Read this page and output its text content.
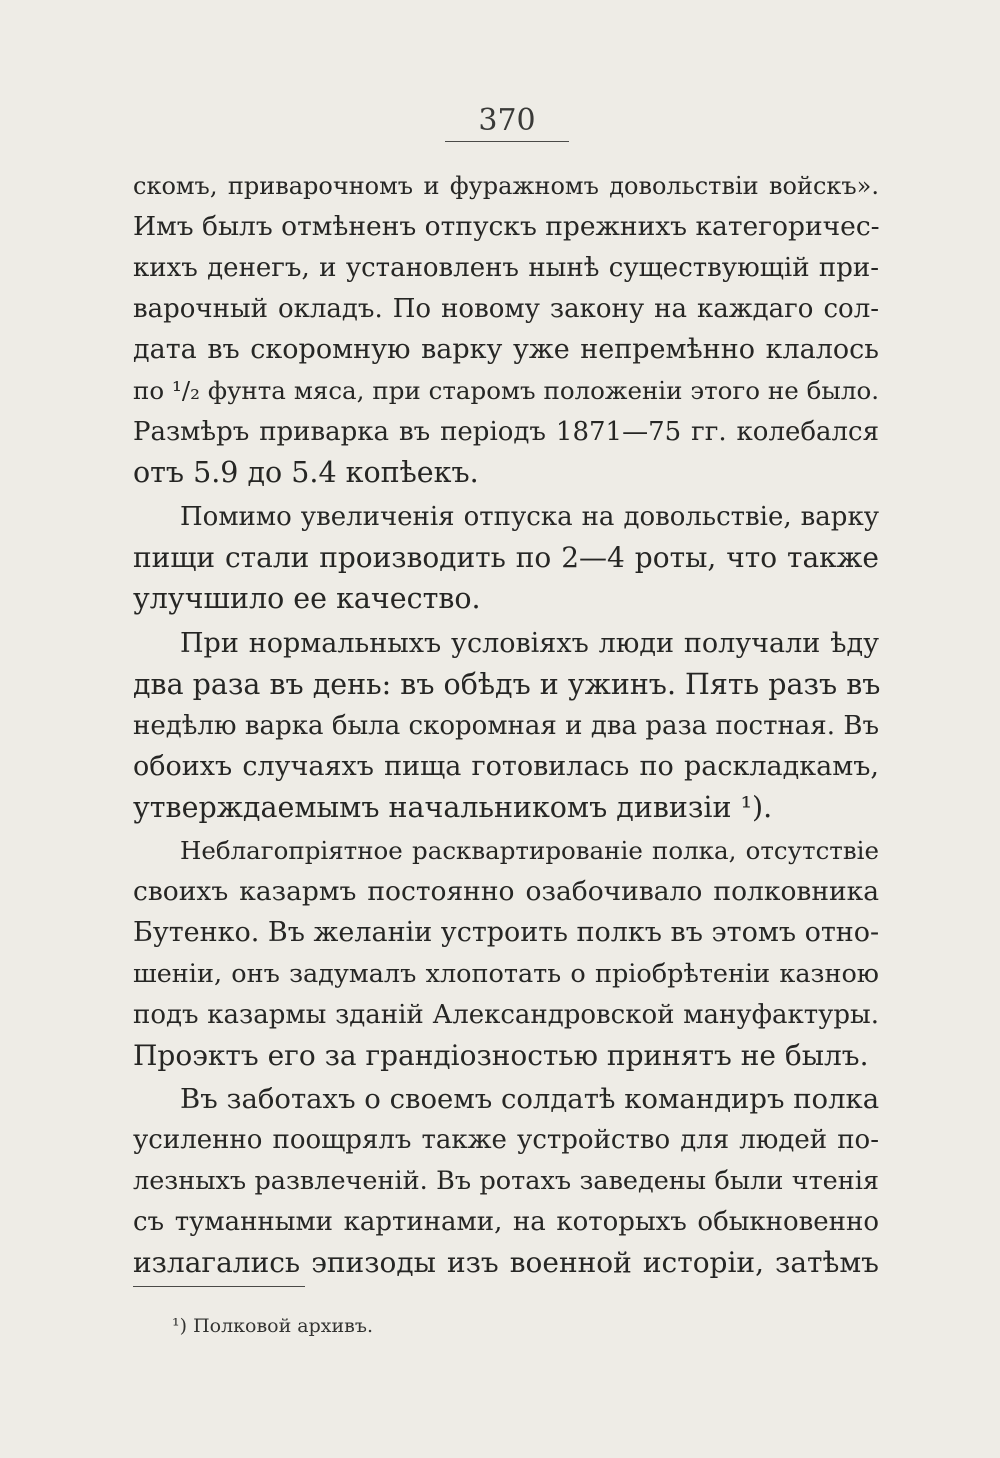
370
скомъ, приварочномъ и фуражномъ довольствiи войскъ».
Имъ былъ отмѣненъ отпускъ прежнихъ категоричес-
кихъ денегъ, и установленъ нынѣ существующiй при-
варочный окладъ. По новому закону на каждаго сол-
дата въ скоромную варку уже непремѣнно клалось
по ¹/₂ фунта мяса, при старомъ положенiи этого не было.
Размѣръ приварка въ перiодъ 1871—75 гг. колебался
отъ 5.9 до 5.4 копѣекъ.
Помимо увеличенiя отпуска на довольствiе, варку
пищи стали производить по 2—4 роты, что также
улучшило ее качество.
При нормальныхъ условiяхъ люди получали ѣду
два раза въ день: въ обѣдъ и ужинъ. Пять разъ въ
недѣлю варка была скоромная и два раза постная. Въ
обоихъ случаяхъ пища готовилась по раскладкамъ,
утверждаемымъ начальникомъ дивизiи ¹).
Неблагопрiятное расквартированiе полка, отсутствiе
своихъ казармъ постоянно озабочивало полковника
Бутенко. Въ желанiи устроить полкъ въ этомъ отно-
шенiи, онъ задумалъ хлопотать о прiобрѣтенiи казною
подъ казармы зданiй Александровской мануфактуры.
Проэктъ его за грандiозностью принятъ не былъ.
Въ заботахъ о своемъ солдатѣ командиръ полка
усиленно поощрялъ также устройство для людей по-
лезныхъ развлеченiй. Въ ротахъ заведены были чтенiя
съ туманными картинами, на которыхъ обыкновенно
излагались эпизоды изъ военной исторiи, затѣмъ
¹) Полковой архивъ.
